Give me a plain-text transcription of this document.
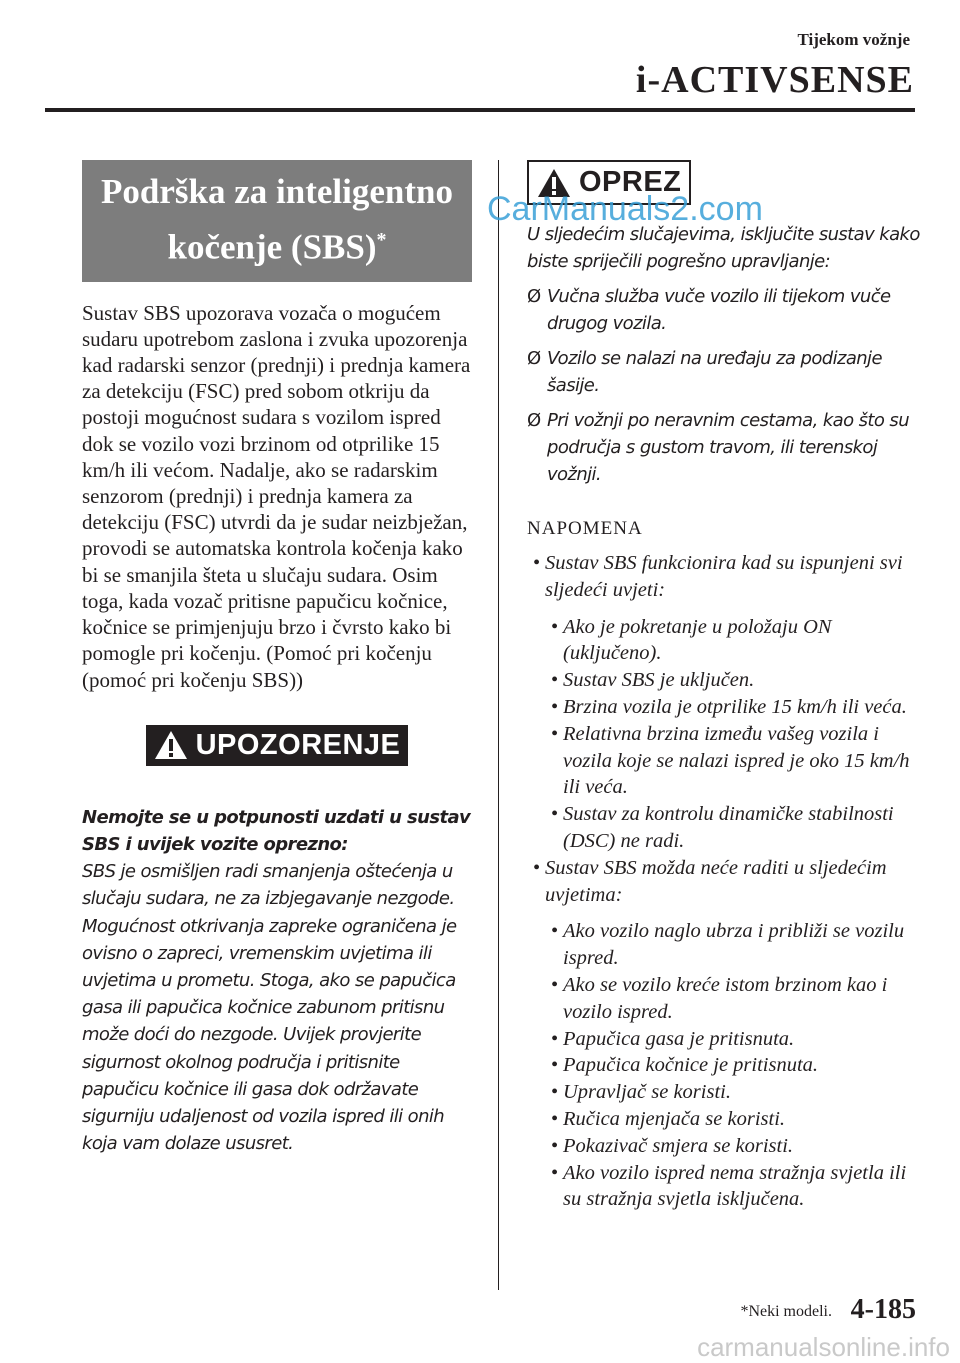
Tijekom vožnje
i-ACTIVSENSE
Podrška za inteligentno
kočenje (SBS)*
Sustav SBS upozorava vozača o mogućem sudaru upotrebom zaslona i zvuka upozorenja kad radarski senzor (prednji) i prednja kamera za detekciju (FSC) pred sobom otkriju da postoji mogućnost sudara s vozilom ispred dok se vozilo vozi brzinom od otprilike 15 km/h ili većom. Nadalje, ako se radarskim senzorom (prednji) i prednja kamera za detekciju (FSC) utvrdi da je sudar neizbježan, provodi se automatska kontrola kočenja kako bi se smanjila šteta u slučaju sudara. Osim toga, kada vozač pritisne papučicu kočnice, kočnice se primjenjuju brzo i čvrsto kako bi pomogle pri kočenju. (Pomoć pri kočenju (pomoć pri kočenju SBS))
UPOZORENJE
Nemojte se u potpunosti uzdati u sustav SBS i uvijek vozite oprezno:
SBS je osmišljen radi smanjenja oštećenja u slučaju sudara, ne za izbjegavanje nezgode. Mogućnost otkrivanja zapreke ograničena je ovisno o zapreci, vremenskim uvjetima ili uvjetima u prometu. Stoga, ako se papučica gasa ili papučica kočnice zabunom pritisnu može doći do nezgode. Uvijek provjerite sigurnost okolnog područja i pritisnite papučicu kočnice ili gasa dok održavate sigurniju udaljenost od vozila ispred ili onih koja vam dolaze ususret.
OPREZ
U sljedećim slučajevima, isključite sustav kako biste spriječili pogrešno upravljanje:
Ø Vučna služba vuče vozilo ili tijekom vuče drugog vozila.
Ø Vozilo se nalazi na uređaju za podizanje šasije.
Ø Pri vožnji po neravnim cestama, kao što su područja s gustom travom, ili terenskoj vožnji.
NAPOMENA
• Sustav SBS funkcionira kad su ispunjeni svi sljedeći uvjeti:
• Ako je pokretanje u položaju ON (uključeno).
• Sustav SBS je uključen.
• Brzina vozila je otprilike 15 km/h ili veća.
• Relativna brzina između vašeg vozila i vozila koje se nalazi ispred je oko 15 km/h ili veća.
• Sustav za kontrolu dinamičke stabilnosti (DSC) ne radi.
• Sustav SBS možda neće raditi u sljedećim uvjetima:
• Ako vozilo naglo ubrza i približi se vozilu ispred.
• Ako se vozilo kreće istom brzinom kao i vozilo ispred.
• Papučica gasa je pritisnuta.
• Papučica kočnice je pritisnuta.
• Upravljač se koristi.
• Ručica mjenjača se koristi.
• Pokazivač smjera se koristi.
• Ako vozilo ispred nema stražnja svjetla ili su stražnja svjetla isključena.
CarManuals2.com
*Neki modeli. 4-185
carmanualsonline.info
